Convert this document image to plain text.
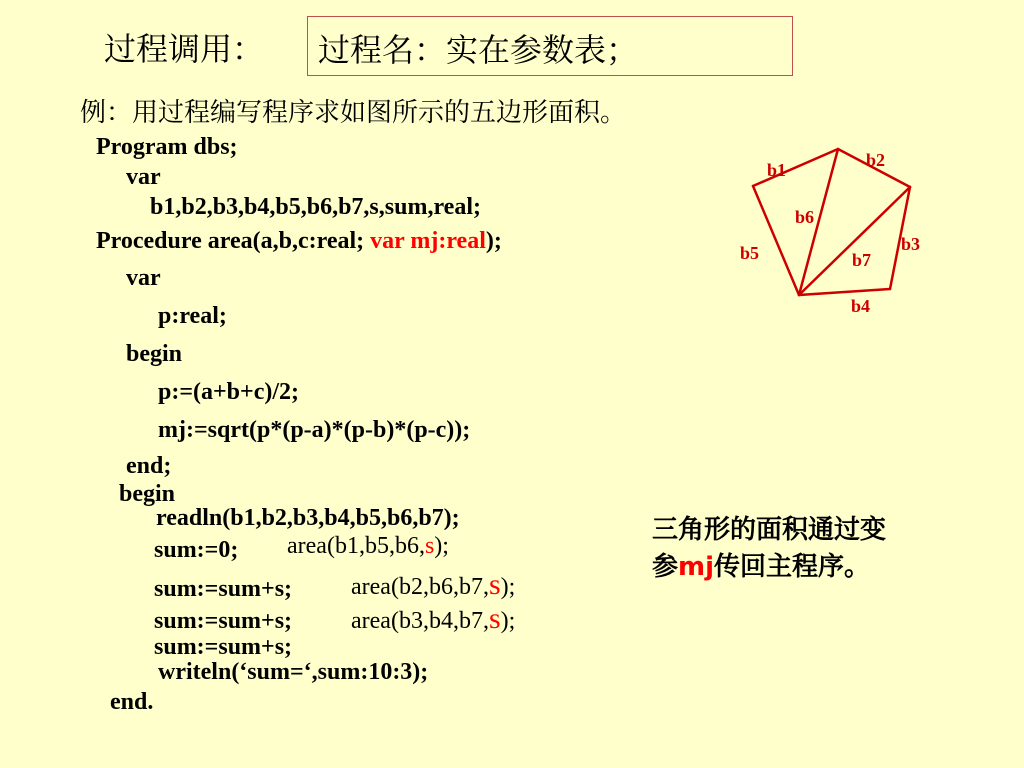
过程调用： 过程名：实在参数表；
例：用过程编写程序求如图所示的五边形面积。
Program dbs;
var
b1,b2,b3,b4,b5,b6,b7,s,sum,real;
Procedure area(a,b,c:real; var mj:real);
var
p:real;
begin
p:=(a+b+c)/2;
mj:=sqrt(p*(p-a)*(p-b)*(p-c));
end;
begin
readln(b1,b2,b3,b4,b5,b6,b7);
sum:=0; area(b1,b5,b6,s);
sum:=sum+s; area(b2,b6,b7,s);
sum:=sum+s; area(b3,b4,b7,s);
sum:=sum+s;
writeln(‘sum=‘,sum:10:3);
end.
三角形的面积通过变
参mj传回主程序。
b1	b2
b3
b4
b5
b6
b7
